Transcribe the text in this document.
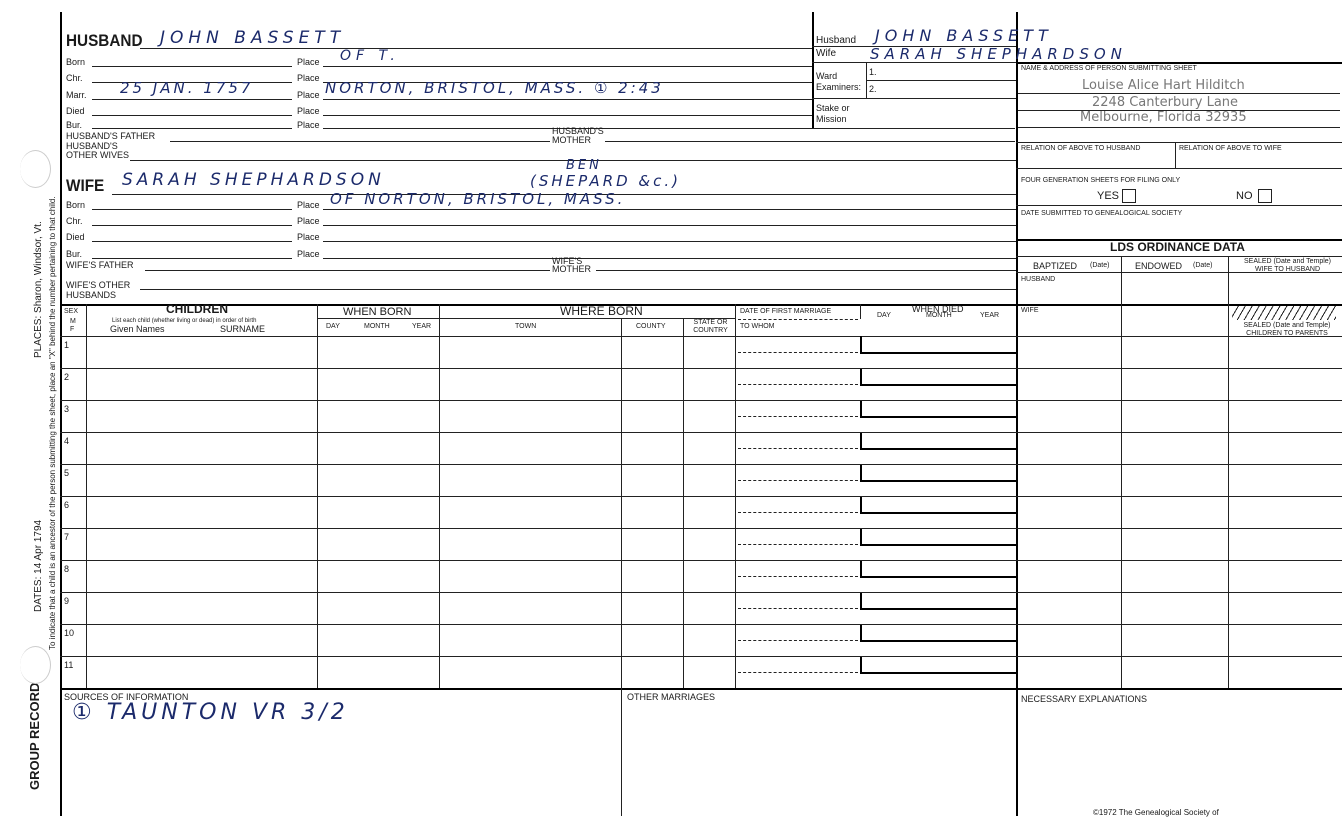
PLACES: Sharon, Windsor, Vt.
DATES: 14 Apr 1794 To indicate that a child is an ancestor of the person submitting the sheet, place an "X" behind the number pertaining to that child.
GROUP RECORD
HUSBAND JOHN BASSETT
Born	Place OF T.
Chr.	Place
Marr. 25 JAN. 1757	Place NORTON, BRISTOL, MASS. ① 2:43
Died	Place
Bur.	Place
HUSBAND'S FATHER	HUSBAND'S MOTHER
HUSBAND'S OTHER WIVES
WIFE SARAH SHEPHARDSON
BEN
(SHEPARD &c.)
Born	Place OF NORTON, BRISTOL, MASS.
Chr.	Place
Died	Place
Bur.	Place
WIFE'S FATHER	WIFE'S MOTHER
WIFE'S OTHER HUSBANDS
Husband JOHN BASSETT
Wife SARAH SHEPHARDSON
Ward
Examiners:
1.
2.
Stake or Mission
NAME & ADDRESS OF PERSON SUBMITTING SHEET
Louise Alice Hart Hilditch
2248 Canterbury Lane
Melbourne, Florida 32935
RELATION OF ABOVE TO HUSBAND	RELATION OF ABOVE TO WIFE
FOUR GENERATION SHEETS FOR FILING ONLY
YES	NO
DATE SUBMITTED TO GENEALOGICAL SOCIETY
LDS ORDINANCE DATA
BAPTIZED (Date)	ENDOWED (Date)
SEALED (Date and Temple) WIFE TO HUSBAND
HUSBAND
WIFE
SEALED (Date and Temple) CHILDREN TO PARENTS
SEX
M F
CHILDREN
List each child (whether living or dead) in order of birth
Given Names	SURNAME
WHEN BORN
DAY	MONTH	YEAR
WHERE BORN
TOWN	COUNTY
STATE OR COUNTRY
DATE OF FIRST MARRIAGE
TO WHOM
WHEN DIED
DAY	MONTH	YEAR
1
2
3
4
5
6
7
8
9
10
11
SOURCES OF INFORMATION
① TAUNTON VR 3/2
OTHER MARRIAGES	NECESSARY EXPLANATIONS
©1972 The Genealogical Society of
